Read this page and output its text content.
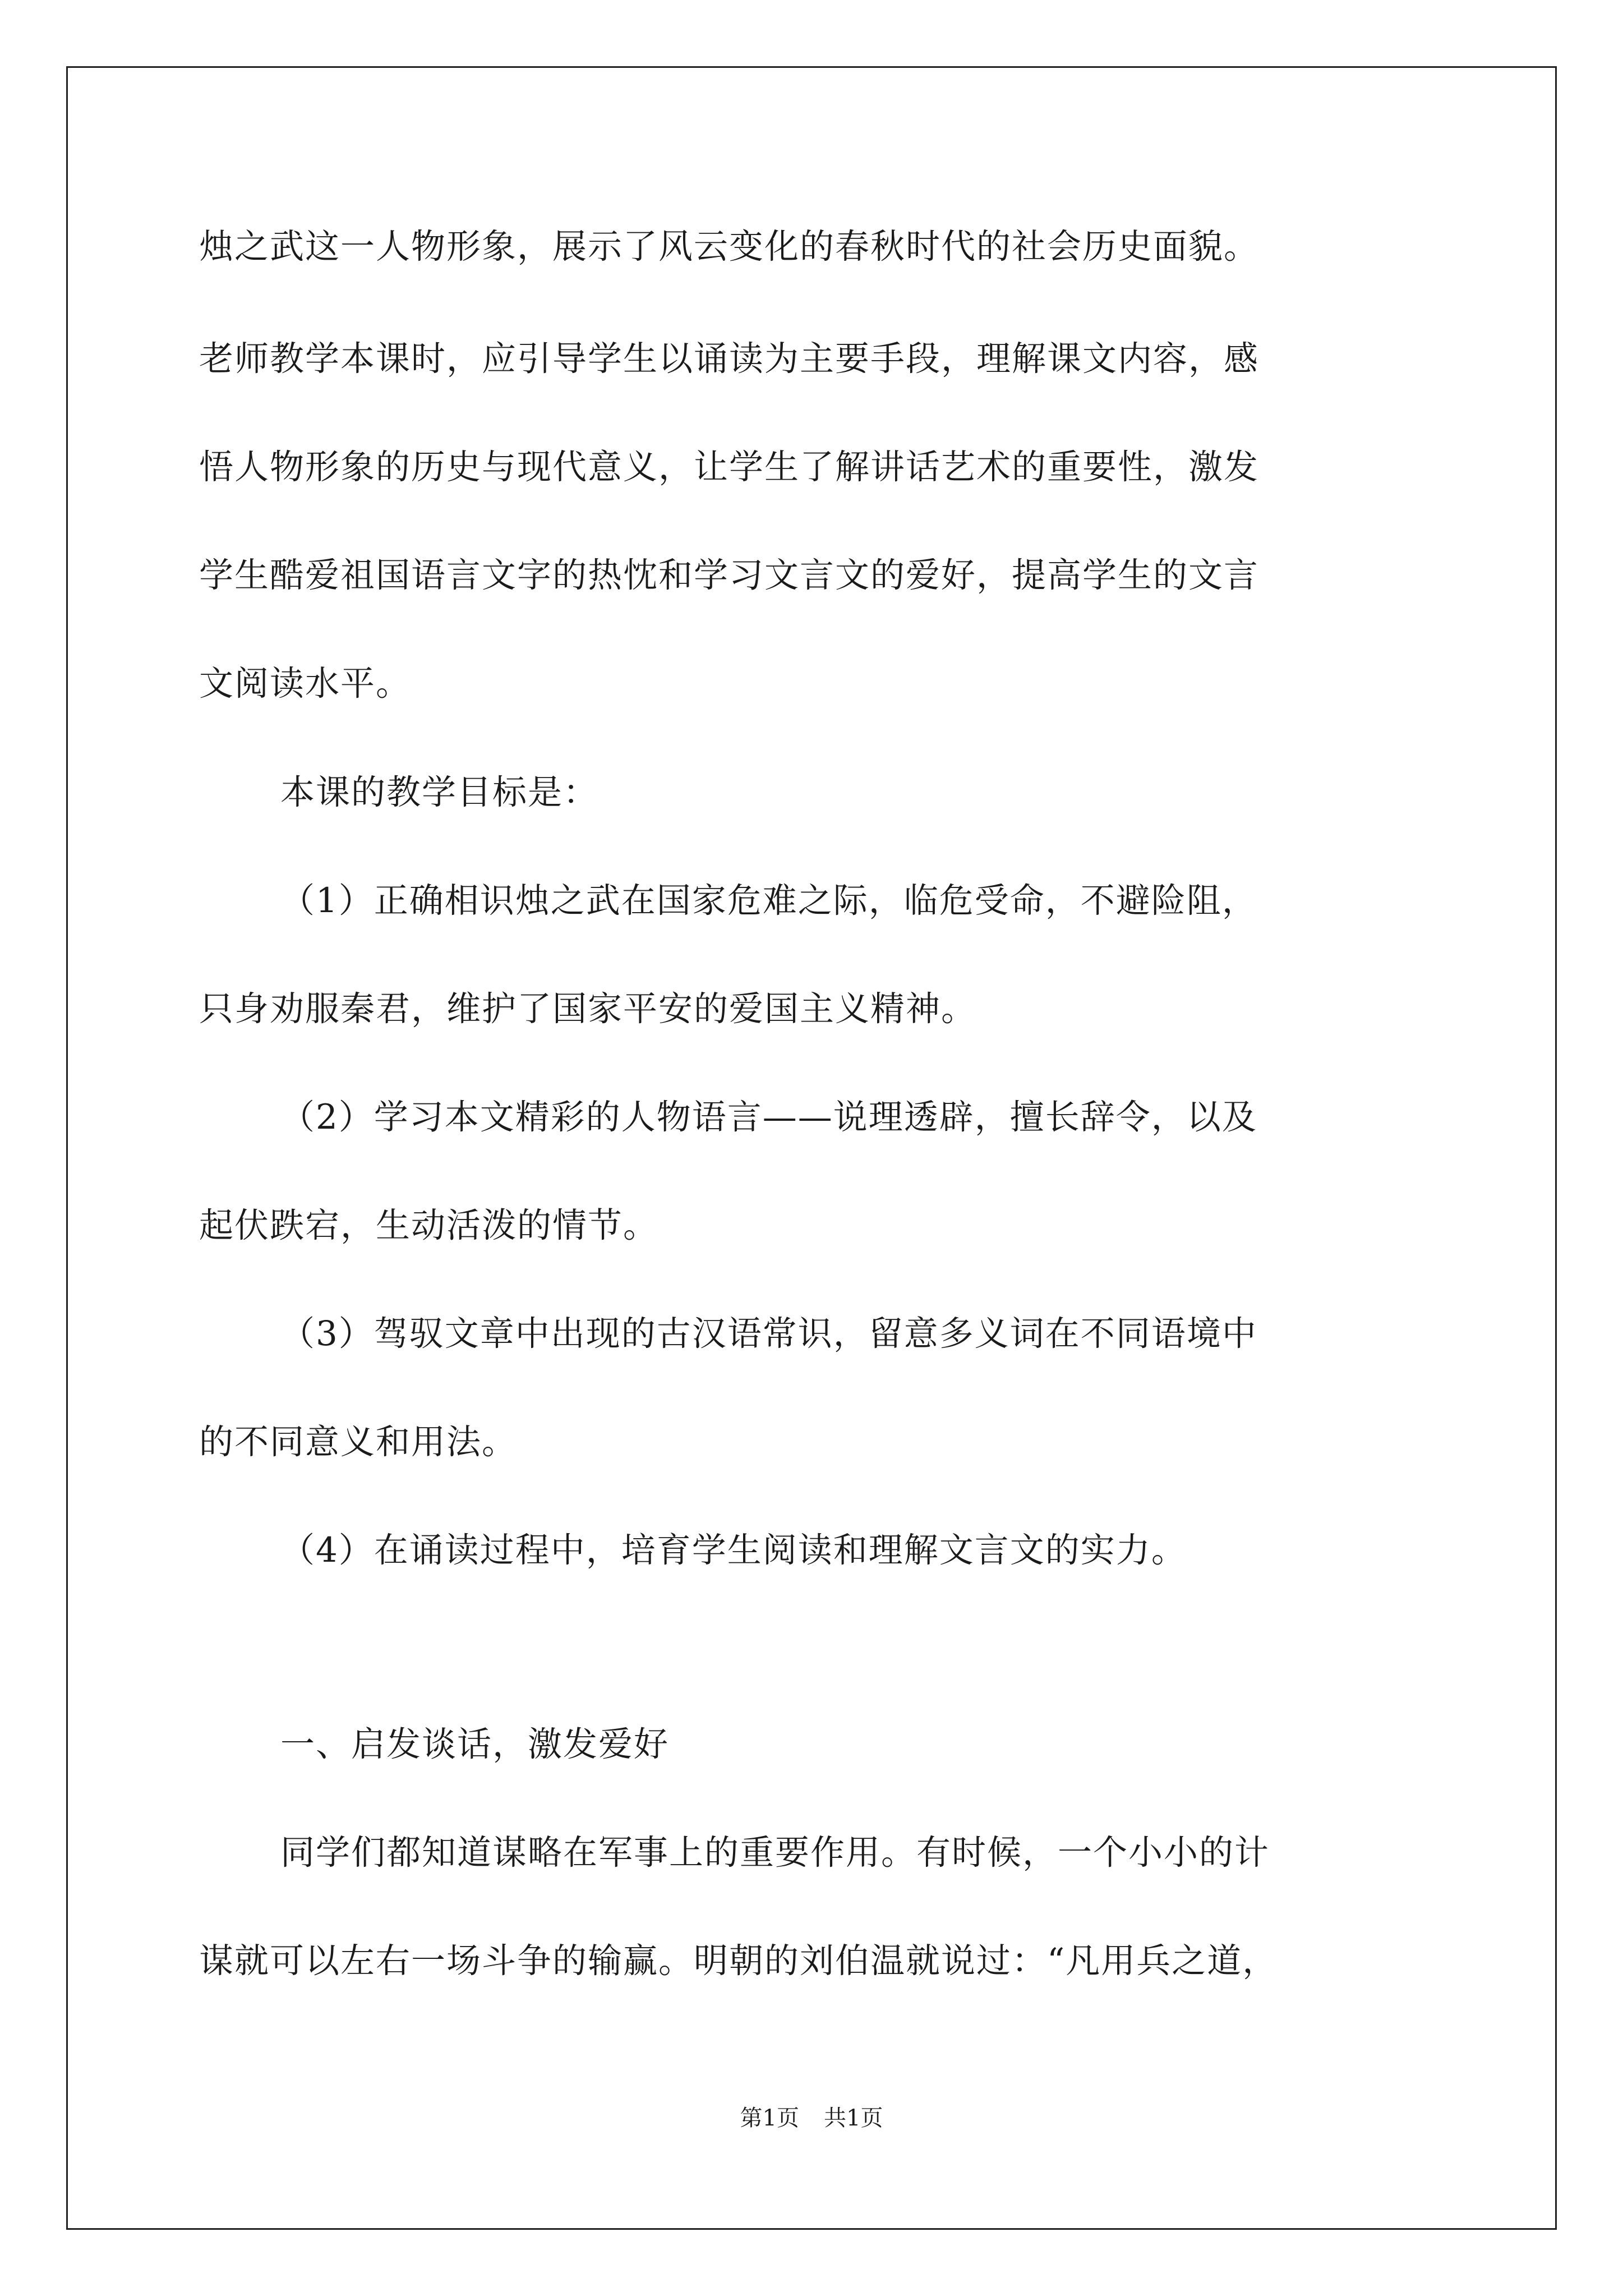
烛之武这一人物形象，展示了风云变化的春秋时代的社会历史面貌。
老师教学本课时，应引导学生以诵读为主要手段，理解课文内容，感
悟人物形象的历史与现代意义，让学生了解讲话艺术的重要性，激发
学生酷爱祖国语言文字的热忱和学习文言文的爱好，提高学生的文言
文阅读水平。
本课的教学目标是：
（1）正确相识烛之武在国家危难之际，临危受命，不避险阻，
只身劝服秦君，维护了国家平安的爱国主义精神。
（2）学习本文精彩的人物语言——说理透辟，擅长辞令，以及
起伏跌宕，生动活泼的情节。
（3）驾驭文章中出现的古汉语常识，留意多义词在不同语境中
的不同意义和用法。
（4）在诵读过程中，培育学生阅读和理解文言文的实力。
一、启发谈话，激发爱好
同学们都知道谋略在军事上的重要作用。有时候，一个小小的计
谋就可以左右一场斗争的输赢。明朝的刘伯温就说过：“凡用兵之道，
第1页 共1页
